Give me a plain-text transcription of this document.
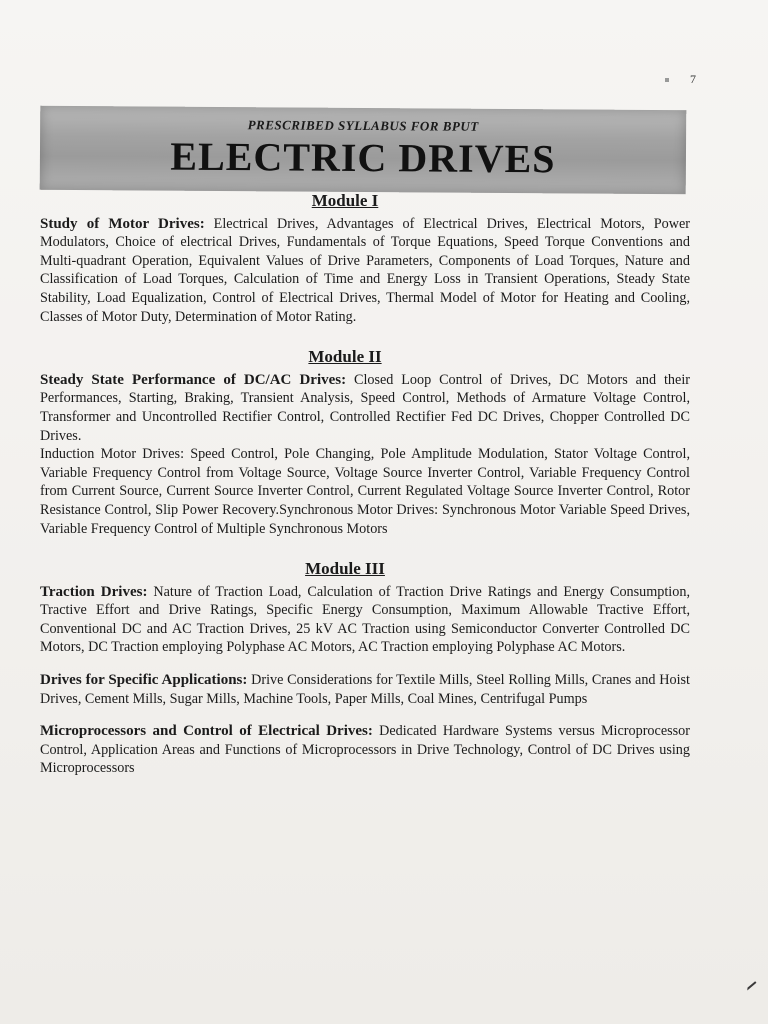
7
PRESCRIBED SYLLABUS FOR BPUT
ELECTRIC DRIVES
Module I

Study of Motor Drives: Electrical Drives, Advantages of Electrical Drives, Electrical Motors, Power Modulators, Choice of electrical Drives, Fundamentals of Torque Equations, Speed Torque Conventions and Multi-quadrant Operation, Equivalent Values of Drive Parameters, Components of Load Torques, Nature and Classification of Load Torques, Calculation of Time and Energy Loss in Transient Operations, Steady State Stability, Load Equalization, Control of Electrical Drives, Thermal Model of Motor for Heating and Cooling, Classes of Motor Duty, Determination of Motor Rating.

Module II

Steady State Performance of DC/AC Drives: Closed Loop Control of Drives, DC Motors and their Performances, Starting, Braking, Transient Analysis, Speed Control, Methods of Armature Voltage Control, Transformer and Uncontrolled Rectifier Control, Controlled Rectifier Fed DC Drives, Chopper Controlled DC Drives.

Induction Motor Drives: Speed Control, Pole Changing, Pole Amplitude Modulation, Stator Voltage Control, Variable Frequency Control from Voltage Source, Voltage Source Inverter Control, Variable Frequency Control from Current Source, Current Source Inverter Control, Current Regulated Voltage Source Inverter Control, Rotor Resistance Control, Slip Power Recovery.Synchronous Motor Drives: Synchronous Motor Variable Speed Drives, Variable Frequency Control of Multiple Synchronous Motors

Module III

Traction Drives: Nature of Traction Load, Calculation of Traction Drive Ratings and Energy Consumption, Tractive Effort and Drive Ratings, Specific Energy Consumption, Maximum Allowable Tractive Effort, Conventional DC and AC Traction Drives, 25 kV AC Traction using Semiconductor Converter Controlled DC Motors, DC Traction employing Polyphase AC Motors, AC Traction employing Polyphase AC Motors.

Drives for Specific Applications: Drive Considerations for Textile Mills, Steel Rolling Mills, Cranes and Hoist Drives, Cement Mills, Sugar Mills, Machine Tools, Paper Mills, Coal Mines, Centrifugal Pumps

Microprocessors and Control of Electrical Drives: Dedicated Hardware Systems versus Microprocessor Control, Application Areas and Functions of Microprocessors in Drive Technology, Control of DC Drives using Microprocessors
